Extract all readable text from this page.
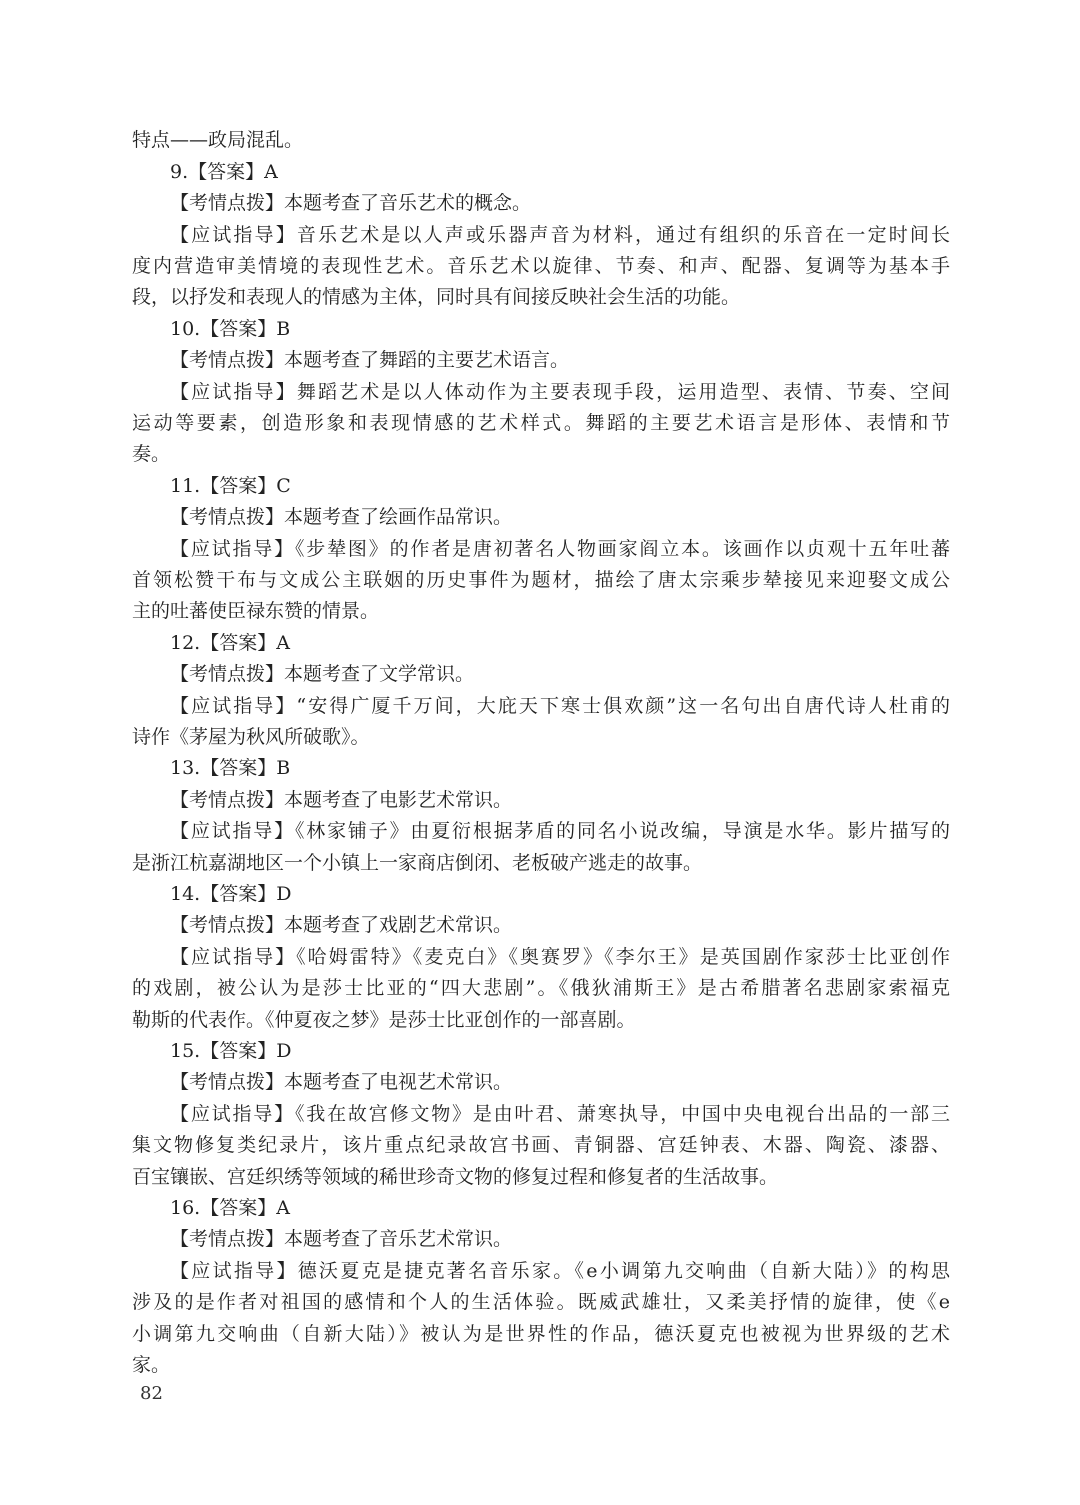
特点——政局混乱。
9.【答案】A
【考情点拨】本题考查了音乐艺术的概念。
【应试指导】音乐艺术是以人声或乐器声音为材料，通过有组织的乐音在一定时间长
度内营造审美情境的表现性艺术。音乐艺术以旋律、节奏、和声、配器、复调等为基本手
段，以抒发和表现人的情感为主体，同时具有间接反映社会生活的功能。
10.【答案】B
【考情点拨】本题考查了舞蹈的主要艺术语言。
【应试指导】舞蹈艺术是以人体动作为主要表现手段，运用造型、表情、节奏、空间
运动等要素，创造形象和表现情感的艺术样式。舞蹈的主要艺术语言是形体、表情和节
奏。
11.【答案】C
【考情点拨】本题考查了绘画作品常识。
【应试指导】《步辇图》的作者是唐初著名人物画家阎立本。该画作以贞观十五年吐蕃
首领松赞干布与文成公主联姻的历史事件为题材，描绘了唐太宗乘步辇接见来迎娶文成公
主的吐蕃使臣禄东赞的情景。
12.【答案】A
【考情点拨】本题考查了文学常识。
【应试指导】“安得广厦千万间，大庇天下寒士俱欢颜”这一名句出自唐代诗人杜甫的
诗作《茅屋为秋风所破歌》。
13.【答案】B
【考情点拨】本题考查了电影艺术常识。
【应试指导】《林家铺子》由夏衍根据茅盾的同名小说改编，导演是水华。影片描写的
是浙江杭嘉湖地区一个小镇上一家商店倒闭、老板破产逃走的故事。
14.【答案】D
【考情点拨】本题考查了戏剧艺术常识。
【应试指导】《哈姆雷特》《麦克白》《奥赛罗》《李尔王》是英国剧作家莎士比亚创作
的戏剧，被公认为是莎士比亚的“四大悲剧”。《俄狄浦斯王》是古希腊著名悲剧家索福克
勒斯的代表作。《仲夏夜之梦》是莎士比亚创作的一部喜剧。
15.【答案】D
【考情点拨】本题考查了电视艺术常识。
【应试指导】《我在故宫修文物》是由叶君、萧寒执导，中国中央电视台出品的一部三
集文物修复类纪录片，该片重点纪录故宫书画、青铜器、宫廷钟表、木器、陶瓷、漆器、
百宝镶嵌、宫廷织绣等领域的稀世珍奇文物的修复过程和修复者的生活故事。
16.【答案】A
【考情点拨】本题考查了音乐艺术常识。
【应试指导】德沃夏克是捷克著名音乐家。《e小调第九交响曲（自新大陆）》的构思
涉及的是作者对祖国的感情和个人的生活体验。既威武雄壮，又柔美抒情的旋律，使《e
小调第九交响曲（自新大陆）》被认为是世界性的作品，德沃夏克也被视为世界级的艺术
家。
82
